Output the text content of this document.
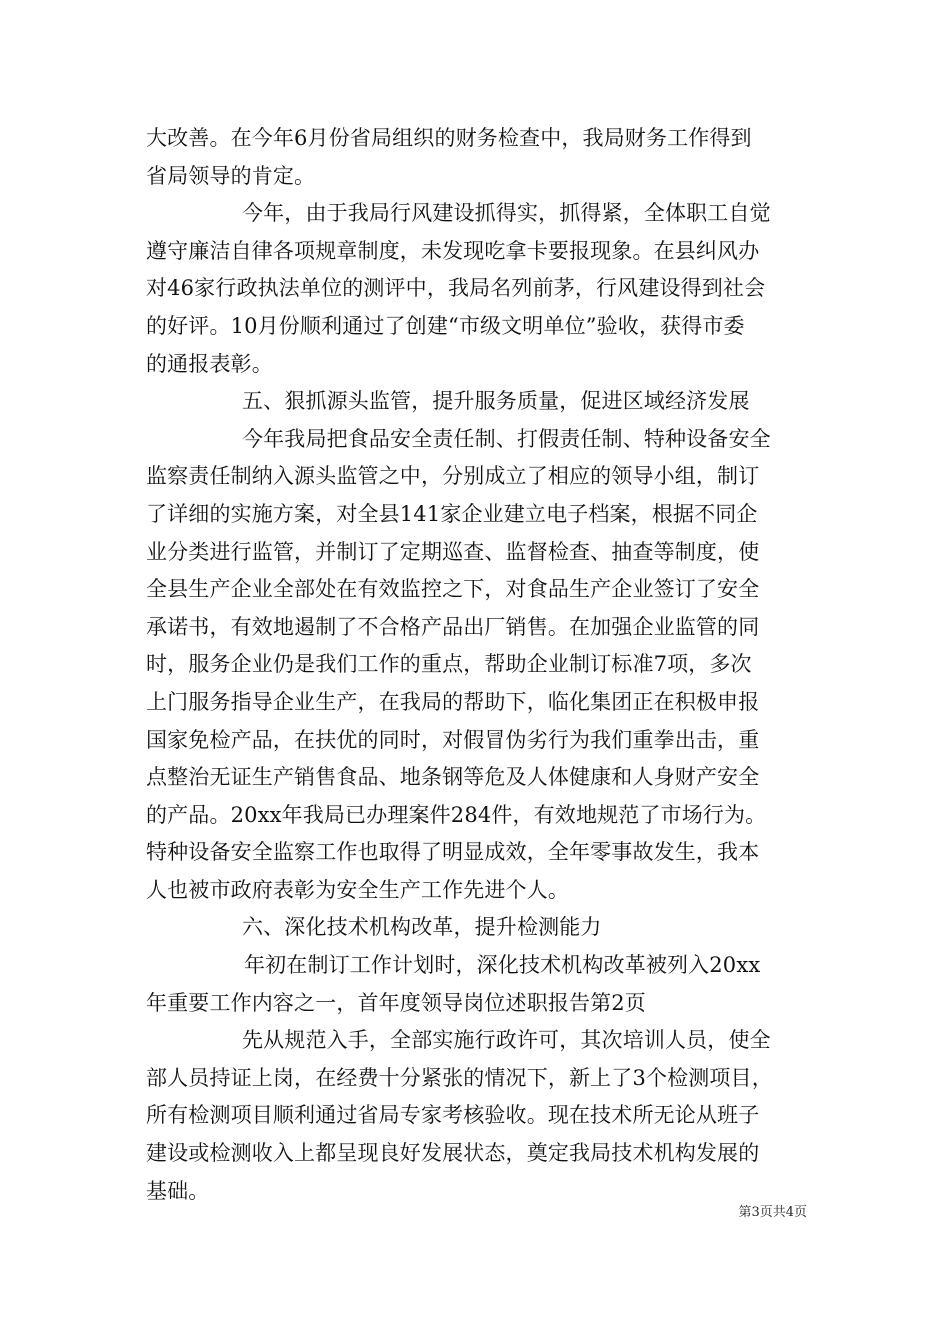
大改善。在今年6月份省局组织的财务检查中，我局财务工作得到
省局领导的肯定。
今年，由于我局行风建设抓得实，抓得紧，全体职工自觉
遵守廉洁自律各项规章制度，未发现吃拿卡要报现象。在县纠风办
对46家行政执法单位的测评中，我局名列前茅，行风建设得到社会
的好评。10月份顺利通过了创建“市级文明单位”验收，获得市委
的通报表彰。
五、狠抓源头监管，提升服务质量，促进区域经济发展
今年我局把食品安全责任制、打假责任制、特种设备安全
监察责任制纳入源头监管之中，分别成立了相应的领导小组，制订
了详细的实施方案，对全县141家企业建立电子档案，根据不同企
业分类进行监管，并制订了定期巡查、监督检查、抽查等制度，使
全县生产企业全部处在有效监控之下，对食品生产企业签订了安全
承诺书，有效地遏制了不合格产品出厂销售。在加强企业监管的同
时，服务企业仍是我们工作的重点，帮助企业制订标准7项，多次
上门服务指导企业生产，在我局的帮助下，临化集团正在积极申报
国家免检产品，在扶优的同时，对假冒伪劣行为我们重拳出击，重
点整治无证生产销售食品、地条钢等危及人体健康和人身财产安全
的产品。20xx年我局已办理案件284件，有效地规范了市场行为。
特种设备安全监察工作也取得了明显成效，全年零事故发生，我本
人也被市政府表彰为安全生产工作先进个人。
六、深化技术机构改革，提升检测能力
年初在制订工作计划时，深化技术机构改革被列入20xx
年重要工作内容之一，首年度领导岗位述职报告第2页
先从规范入手，全部实施行政许可，其次培训人员，使全
部人员持证上岗，在经费十分紧张的情况下，新上了3个检测项目，
所有检测项目顺利通过省局专家考核验收。现在技术所无论从班子
建设或检测收入上都呈现良好发展状态，奠定我局技术机构发展的
基础。
第3页共4页
